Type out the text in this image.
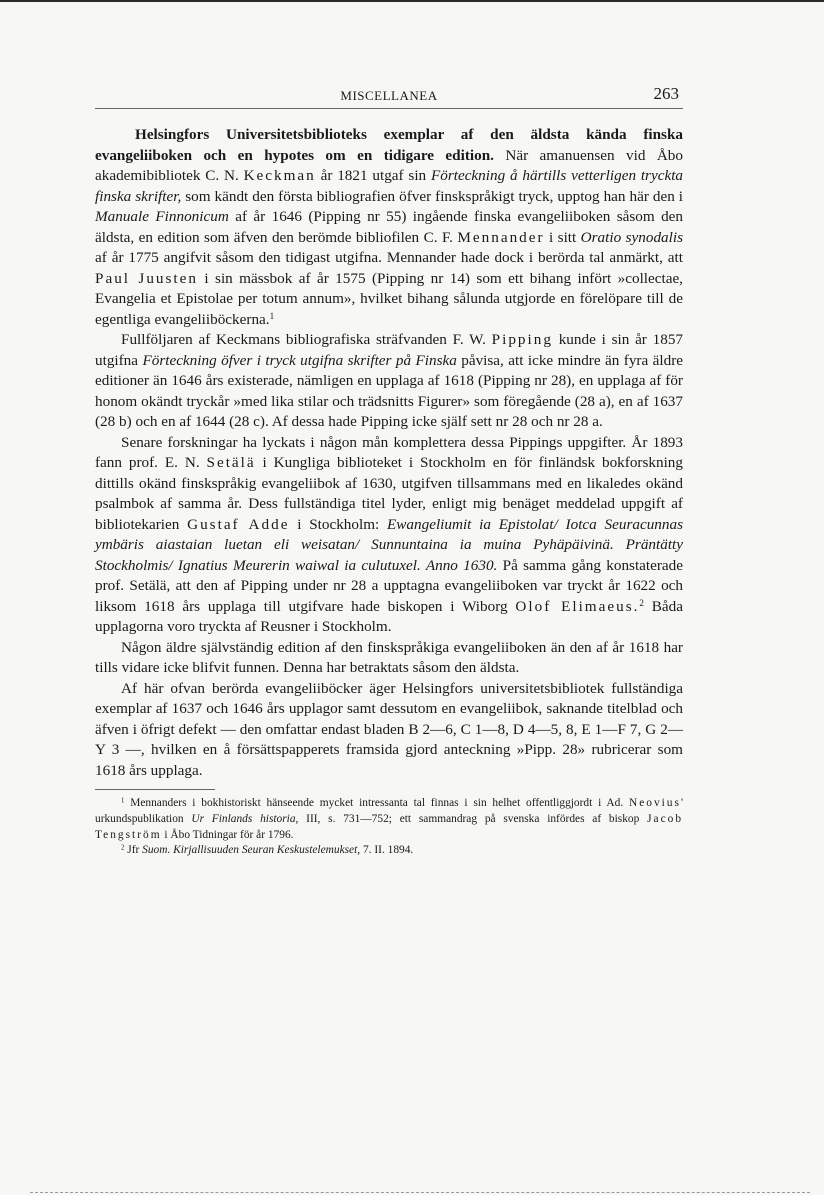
MISCELLANEA	263

Helsingfors Universitetsbiblioteks exemplar af den äldsta kända finska evangeliiboken och en hypotes om en tidigare edition. När amanuensen vid Åbo akademibibliotek C. N. Keckman år 1821 utgaf sin Förteckning å härtills vetterligen tryckta finska skrifter, som kändt den första bibliografien öfver finskspråkigt tryck, upptog han här den i Manuale Finnonicum af år 1646 (Pipping nr 55) ingående finska evangeliiboken såsom den äldsta, en edition som äfven den berömde bibliofilen C. F. Mennander i sitt Oratio synodalis af år 1775 angifvit såsom den tidigast utgifna. Mennander hade dock i berörda tal anmärkt, att Paul Juusten i sin mässbok af år 1575 (Pipping nr 14) som ett bihang infört »collectae, Evangelia et Epistolae per totum annum», hvilket bihang sålunda utgjorde en förelöpare till de egentliga evangeliiböckerna.$^1$

Fullföljaren af Keckmans bibliografiska sträfvanden F. W. Pipping kunde i sin år 1857 utgifna Förteckning öfver i tryck utgifna skrifter på Finska påvisa, att icke mindre än fyra äldre editioner än 1646 års existerade, nämligen en upplaga af 1618 (Pipping nr 28), en upplaga af för honom okändt tryckår »med lika stilar och trädsnitts Figurer» som föregående (28 a), en af 1637 (28 b) och en af 1644 (28 c). Af dessa hade Pipping icke själf sett nr 28 och nr 28 a.

Senare forskningar ha lyckats i någon mån komplettera dessa Pippings uppgifter. År 1893 fann prof. E. N. Setälä i Kungliga biblioteket i Stockholm en för finländsk bokforskning dittills okänd finskspråkig evangeliibok af 1630, utgifven tillsammans med en likaledes okänd psalmbok af samma år. Dess fullständiga titel lyder, enligt mig benäget meddelad uppgift af bibliotekarien Gustaf Adde i Stockholm: Ewangeliumit ia Epistolat/ Iotca Seuracunnas ymbäris aiastaian luetan eli weisatan/ Sunnuntaina ia muina Pyhäpäivinä. Präntätty Stockholmis/ Ignatius Meurerin waiwal ia culutuxel. Anno 1630. På samma gång konstaterade prof. Setälä, att den af Pipping under nr 28 a upptagna evangeliiboken var tryckt år 1622 och liksom 1618 års upplaga till utgifvare hade biskopen i Wiborg Olof Elimaeus.$^2$ Båda upplagorna voro tryckta af Reusner i Stockholm.

Någon äldre självständig edition af den finskspråkiga evangeliiboken än den af år 1618 har tills vidare icke blifvit funnen. Denna har betraktats såsom den äldsta.

Af här ofvan berörda evangeliiböcker äger Helsingfors universitetsbibliotek fullständiga exemplar af 1637 och 1646 års upplagor samt dessutom en evangeliibok, saknande titelblad och äfven i öfrigt defekt — den omfattar endast bladen B 2—6, C 1—8, D 4—5, 8, E 1—F 7, G 2—Y 3 —, hvilken en å försättspapperets framsida gjord anteckning »Pipp. 28» rubricerar som 1618 års upplaga.

$^1$ Mennanders i bokhistoriskt hänseende mycket intressanta tal finnas i sin helhet offentliggjordt i Ad. Neovius' urkundspublikation Ur Finlands historia, III, s. 731—752; ett sammandrag på svenska infördes af biskop Jacob Tengström i Åbo Tidningar för år 1796.

$^2$ Jfr Suom. Kirjallisuuden Seuran Keskustelemukset, 7. II. 1894.
